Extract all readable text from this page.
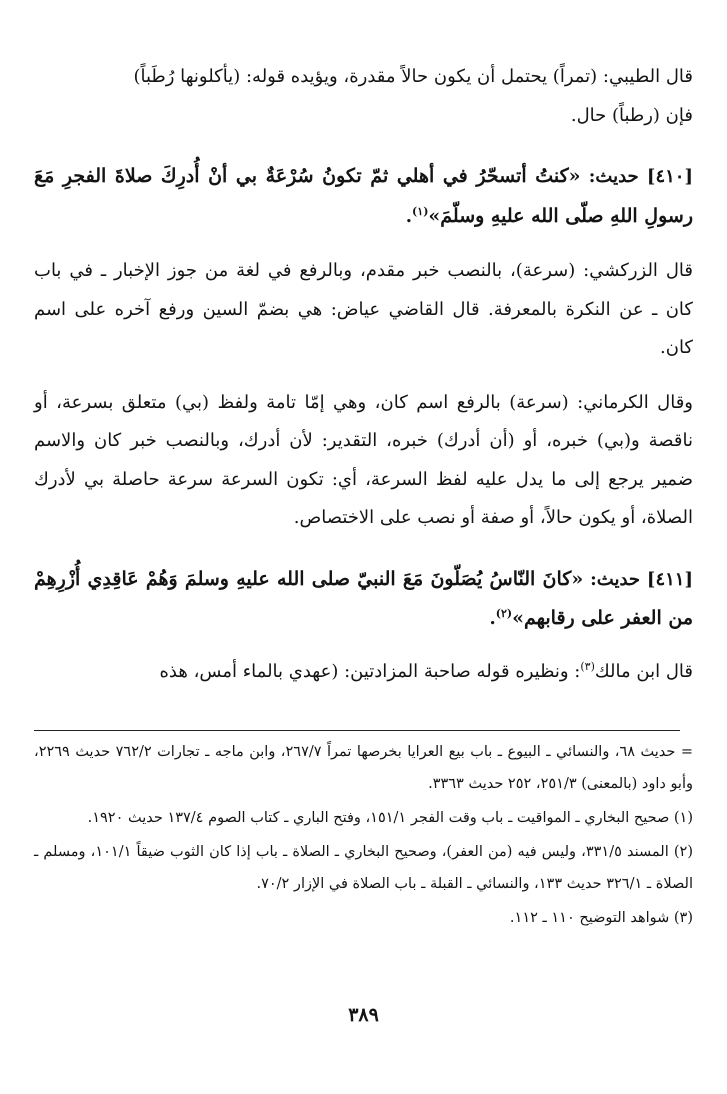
قال الطيبي: (تمراً) يحتمل أن يكون حالاً مقدرة، ويؤيده قوله: (يأكلونها رُطَباً)
فإن (رطباً) حال.

[٤١٠] حديث: «كنتُ أتسحّرُ في أهلي ثمّ تكونُ سُرْعَةٌ بي أنْ أُدرِكَ صلاةَ الفجرِ مَعَ رسولِ اللهِ صلّى الله عليهِ وسلّمَ»$^{(١)}$.

قال الزركشي: (سرعة)، بالنصب خبر مقدم، وبالرفع في لغة من جوز الإخبار ـ في باب كان ـ عن النكرة بالمعرفة. قال القاضي عياض: هي بضمّ السين ورفع آخره على اسم كان.

وقال الكرماني: (سرعة) بالرفع اسم كان، وهي إمّا تامة ولفظ (بي) متعلق بسرعة، أو ناقصة و(بي) خبره، أو (أن أدرك) خبره، التقدير: لأن أدرك، وبالنصب خبر كان والاسم ضمير يرجع إلى ما يدل عليه لفظ السرعة، أي: تكون السرعة سرعة حاصلة بي لأدرك الصلاة، أو يكون حالاً، أو صفة أو نصب على الاختصاص.

[٤١١] حديث: «كانَ النّاسُ يُصَلّونَ مَعَ النبيّ صلى الله عليهِ وسلمَ وَهُمْ عَاقِدِي أُزْرِهِمْ من العفر على رقابهم»$^{(٢)}$.

قال ابن مالك$^{(٣)}$: ونظيره قوله صاحبة المزادتين: (عهدي بالماء أمس، هذه

= حديث ٦٨، والنسائي ـ البيوع ـ باب بيع العرايا بخرصها تمراً ٢٦٧/٧، وابن ماجه ـ تجارات ٧٦٢/٢ حديث ٢٢٦٩، وأبو داود (بالمعنى) ٢٥١/٣، ٢٥٢ حديث ٣٣٦٣.

(١) صحيح البخاري ـ المواقيت ـ باب وقت الفجر ١٥١/١، وفتح الباري ـ كتاب الصوم ١٣٧/٤ حديث ١٩٢٠.

(٢) المسند ٣٣١/٥، وليس فيه (من العفر)، وصحيح البخاري ـ الصلاة ـ باب إذا كان الثوب ضيقاً ١٠١/١، ومسلم ـ الصلاة ـ ٣٢٦/١ حديث ١٣٣، والنسائي ـ القبلة ـ باب الصلاة في الإزار ٧٠/٢.

(٣) شواهد التوضيح ١١٠ ـ ١١٢.

٣٨٩
